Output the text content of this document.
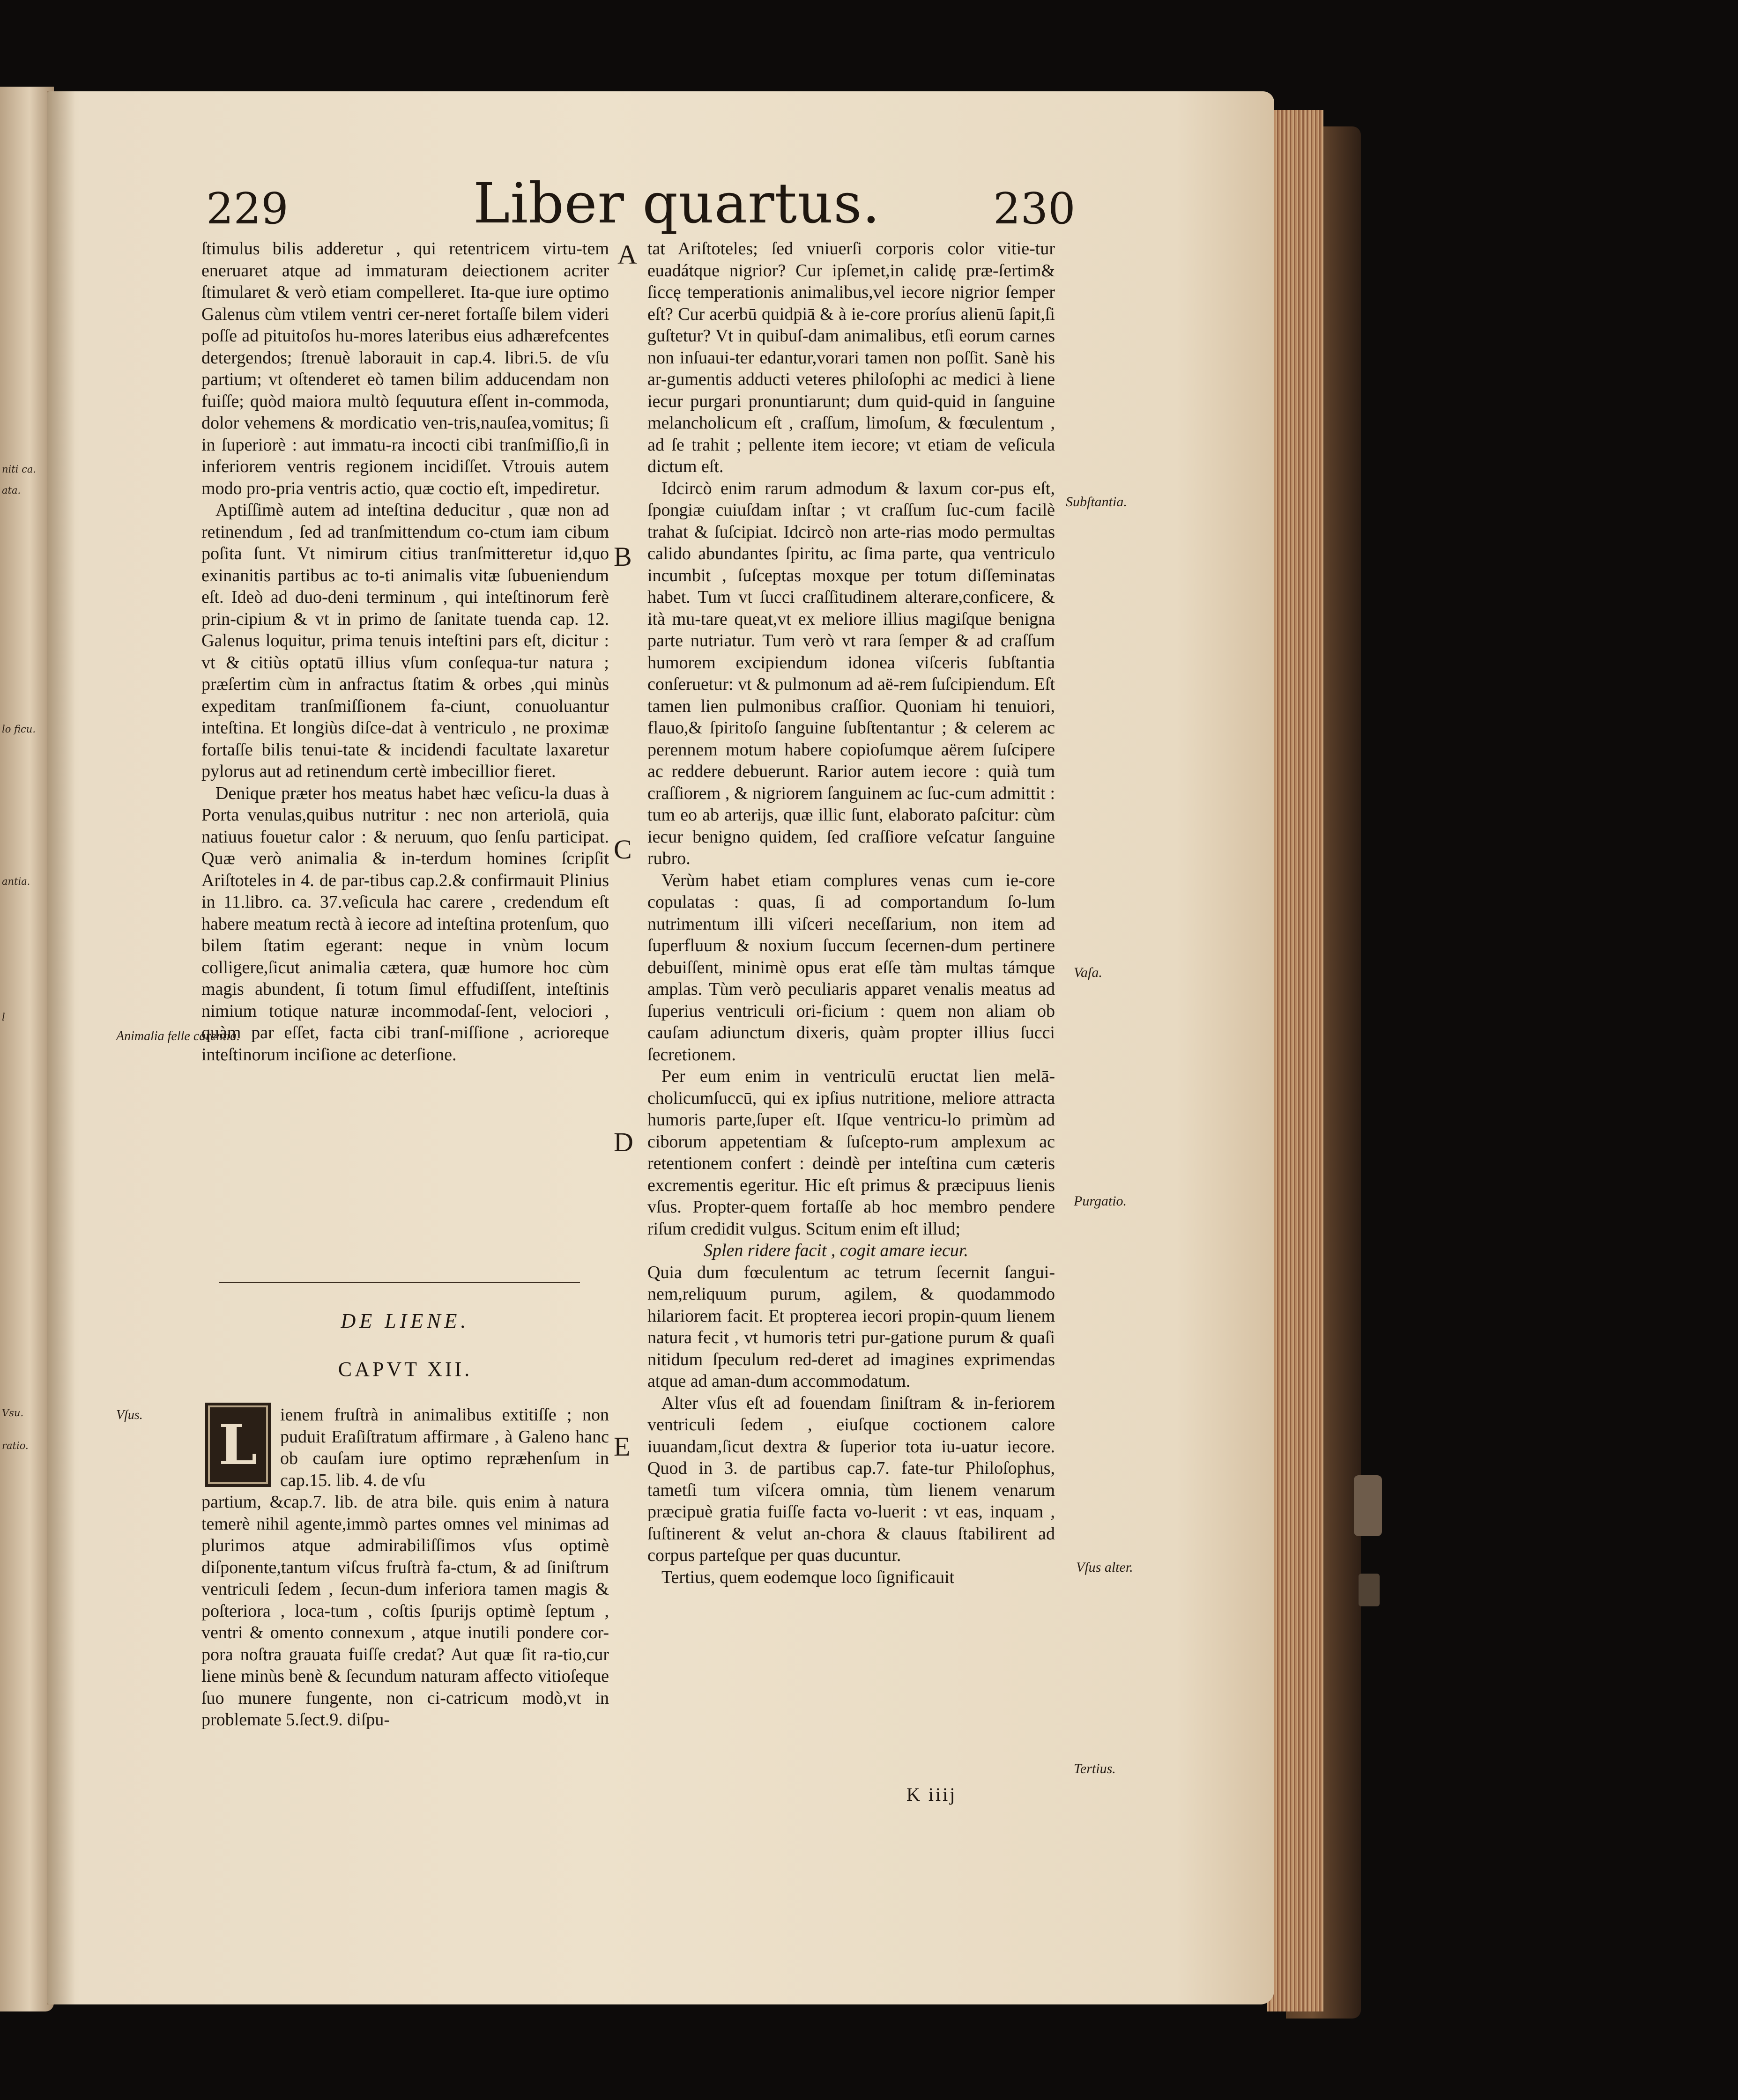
niti ca.
ata.
lo ficu.
antia.
l
Vsu.
ratio.
229	Liber quartus.	230

ſtimulus bilis adderetur , qui retentricem virtu-tem eneruaret atque ad immaturam deiectionem acriter ſtimularet & verò etiam compelleret. Ita-que iure optimo Galenus cùm vtilem ventri cer-neret fortaſſe bilem videri poſſe ad pituitoſos hu-mores lateribus eius adhærefcentes detergendos; ſtrenuè laborauit in cap.4. libri.5. de vſu partium; vt oſtenderet eò tamen bilim adducendam non fuiſſe; quòd maiora multò ſequutura eſſent in-commoda, dolor vehemens & mordicatio ven-tris,nauſea,vomitus; ſi in ſuperiorè : aut immatu-ra incocti cibi tranſmiſſio,ſi in inferiorem ventris regionem incidiſſet. Vtrouis autem modo pro-pria ventris actio, quæ coctio eſt, impediretur.

Aptiſſimè autem ad inteſtina deducitur , quæ non ad retinendum , ſed ad tranſmittendum co-ctum iam cibum poſita ſunt. Vt nimirum citius tranſmitteretur id,quo exinanitis partibus ac to-ti animalis vitæ ſubueniendum eſt. Ideò ad duo-deni terminum , qui inteſtinorum ferè prin-cipium & vt in primo de ſanitate tuenda cap. 12. Galenus loquitur, prima tenuis inteſtini pars eſt, dicitur : vt & citiùs optatū illius vſum conſequa-tur natura ; præſertim cùm in anfractus ſtatim & orbes ,qui minùs expeditam tranſmiſſionem fa-ciunt, conuoluantur inteſtina. Et longiùs diſce-dat à ventriculo , ne proximæ fortaſſe bilis tenui-tate & incidendi facultate laxaretur pylorus aut ad retinendum certè imbecillior fieret.

Denique præter hos meatus habet hæc veſicu-la duas à Porta venulas,quibus nutritur : nec non arteriolā, quia natiuus fouetur calor : & neruum, quo ſenſu participat. Quæ verò animalia & in-terdum homines ſcripſit Ariſtoteles in 4. de par-tibus cap.2.& confirmauit Plinius in 11.libro. ca. 37.veſicula hac carere , credendum eſt habere meatum rectà à iecore ad inteſtina protenſum, quo bilem ſtatim egerant: neque in vnùm locum colligere,ſicut animalia cætera, quæ humore hoc cùm magis abundent, ſi totum ſimul effudiſſent, inteſtinis nimium totique naturæ incommodaſ-ſent, velociori , quàm par eſſet, facta cibi tranſ-miſſione , acrioreque inteſtinorum inciſione ac deterſione.

Animalia felle carentia.
Vſus.
DE LIENE.
CAPVT XII.
L	ienem fruſtrà in animalibus extitiſſe ; non puduit Eraſiſtratum affirmare , à Galeno hanc ob cauſam iure optimo repræhenſum in cap.15. lib. 4. de vſu

partium, &cap.7. lib. de atra bile. quis enim à natura temerè nihil agente,immò partes omnes vel minimas ad plurimos atque admirabiliſſimos vſus optimè diſponente,tantum viſcus fruſtrà fa-ctum, & ad ſiniſtrum ventriculi ſedem , ſecun-dum inferiora tamen magis & poſteriora , loca-tum , coſtis ſpurijs optimè ſeptum , ventri & omento connexum , atque inutili pondere cor-pora noſtra grauata fuiſſe credat? Aut quæ ſit ra-tio,cur liene minùs benè & ſecundum naturam affecto vitioſeque ſuo munere fungente, non ci-catricum modò,vt in problemate 5.ſect.9. diſpu-

tat Ariſtoteles; ſed vniuerſi corporis color vitie-tur euadátque nigrior? Cur ipſemet,in calidę præ-ſertim& ſiccę temperationis animalibus,vel iecore nigrior ſemper eſt? Cur acerbū quidpiā & à ie-core proríus alienū ſapit,ſi guſtetur? Vt in quibuſ-dam animalibus, etſi eorum carnes non inſuaui-ter edantur,vorari tamen non poſſit. Sanè his ar-gumentis adducti veteres philoſophi ac medici à liene iecur purgari pronuntiarunt; dum quid-quid in ſanguine melancholicum eſt , craſſum, limoſum, & fœculentum , ad ſe trahit ; pellente item iecore; vt etiam de veſicula dictum eſt.

Idcircò enim rarum admodum & laxum cor-pus eſt, ſpongiæ cuiuſdam inſtar ; vt craſſum ſuc-cum facilè trahat & ſuſcipiat. Idcircò non arte-rias modo permultas calido abundantes ſpiritu, ac ſima parte, qua ventriculo incumbit , ſuſceptas moxque per totum diſſeminatas habet. Tum vt ſucci craſſitudinem alterare,conficere, & ità mu-tare queat,vt ex meliore illius magiſque benigna parte nutriatur. Tum verò vt rara ſemper & ad craſſum humorem excipiendum idonea viſceris ſubſtantia conſeruetur: vt & pulmonum ad aë-rem ſuſcipiendum. Eſt tamen lien pulmonibus craſſior. Quoniam hi tenuiori, flauo,& ſpiritoſo ſanguine ſubſtentantur ; & celerem ac perennem motum habere copioſumque aërem ſuſcipere ac reddere debuerunt. Rarior autem iecore : quià tum craſſiorem , & nigriorem ſanguinem ac ſuc-cum admittit : tum eo ab arterijs, quæ illic ſunt, elaborato paſcitur: cùm iecur benigno quidem, ſed craſſiore veſcatur ſanguine rubro.

Verùm habet etiam complures venas cum ie-core copulatas : quas, ſi ad comportandum ſo-lum nutrimentum illi viſceri neceſſarium, non item ad ſuperfluum & noxium ſuccum ſecernen-dum pertinere debuiſſent, minimè opus erat eſſe tàm multas támque amplas. Tùm verò peculiaris apparet venalis meatus ad ſuperius ventriculi ori-ficium : quem non aliam ob cauſam adiunctum dixeris, quàm propter illius ſucci ſecretionem.

Per eum enim in ventriculū eructat lien melā-cholicumſuccū, qui ex ipſius nutritione, meliore attracta humoris parte,ſuper eſt. Iſque ventricu-lo primùm ad ciborum appetentiam & ſuſcepto-rum amplexum ac retentionem confert : deindè per inteſtina cum cæteris excrementis egeritur. Hic eſt primus & præcipuus lienis vſus. Propter-quem fortaſſe ab hoc membro pendere riſum credidit vulgus. Scitum enim eſt illud;

Splen ridere facit , cogit amare iecur.

Quia dum fœculentum ac tetrum ſecernit ſangui-nem,reliquum purum, agilem, & quodammodo hilariorem facit. Et propterea iecori propin-quum lienem natura fecit , vt humoris tetri pur-gatione purum & quaſi nitidum ſpeculum red-deret ad imagines exprimendas atque ad aman-dum accommodatum.

Alter vſus eſt ad fouendam ſiniſtram & in-feriorem ventriculi ſedem , eiuſque coctionem calore iuuandam,ſicut dextra & ſuperior tota iu-uatur iecore. Quod in 3. de partibus cap.7. fate-tur Philoſophus, tametſi tum viſcera omnia, tùm lienem venarum præcipuè gratia fuiſſe facta vo-luerit : vt eas, inquam , ſuſtinerent & velut an-chora & clauus ſtabilirent ad corpus parteſque per quas ducuntur.

Tertius, quem eodemque loco ſignificauit

A
B
C
D
E
Subſtantia.
Vaſa.
Purgatio.
Vſus alter.
Tertius.
K iiij
